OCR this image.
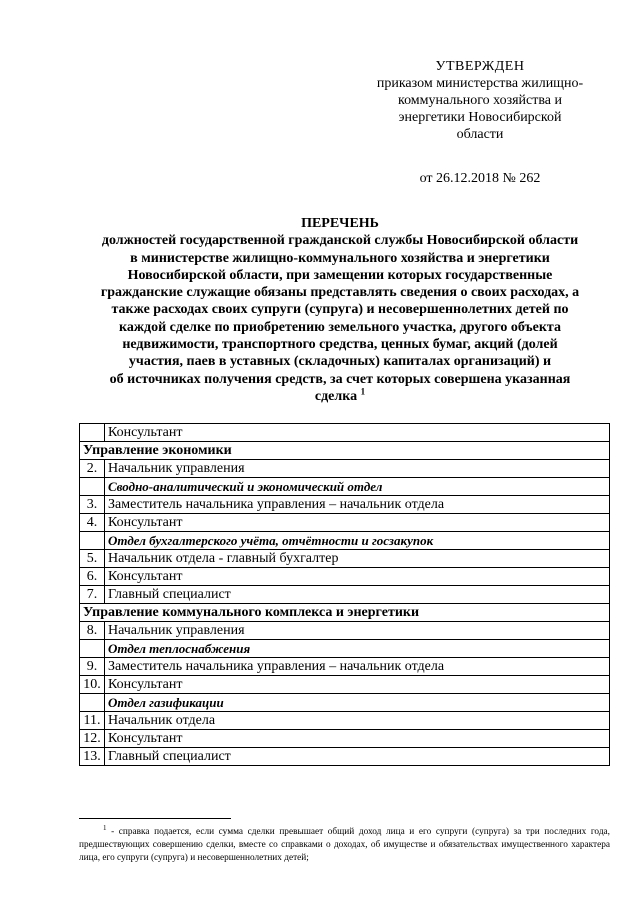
УТВЕРЖДЕН
приказом министерства жилищно-
коммунального хозяйства и
энергетики Новосибирской
области
от 26.12.2018 № 262
ПЕРЕЧЕНЬ
должностей государственной гражданской службы Новосибирской области
в министерстве жилищно-коммунального хозяйства и энергетики
Новосибирской области, при замещении которых государственные
гражданские служащие обязаны представлять сведения о своих расходах, а
также расходах своих супруги (супруга) и несовершеннолетних детей по
каждой сделке по приобретению земельного участка, другого объекта
недвижимости, транспортного средства, ценных бумаг, акций (долей
участия, паев в уставных (складочных) капиталах организаций) и
об источниках получения средств, за счет которых совершена указанная
сделка $^1$
	Консультант
Управление экономики	
2.	Начальник управления
	Сводно-аналитический и экономический отдел
3.	Заместитель начальника управления – начальник отдела
4.	Консультант
	Отдел бухгалтерского учёта, отчётности и госзакупок
5.	Начальник отдела - главный бухгалтер
6.	Консультант
7.	Главный специалист
Управление коммунального комплекса и энергетики	
8.	Начальник управления
	Отдел теплоснабжения
9.	Заместитель начальника управления – начальник отдела
10.	Консультант
	Отдел газификации
11.	Начальник отдела
12.	Консультант
13.	Главный специалист
$^1$ - справка подается, если сумма сделки превышает общий доход лица и его супруги (супруга) за три последних года, предшествующих совершению сделки, вместе со справками о доходах, об имуществе и обязательствах имущественного характера лица, его супруги (супруга) и несовершеннолетних детей;
